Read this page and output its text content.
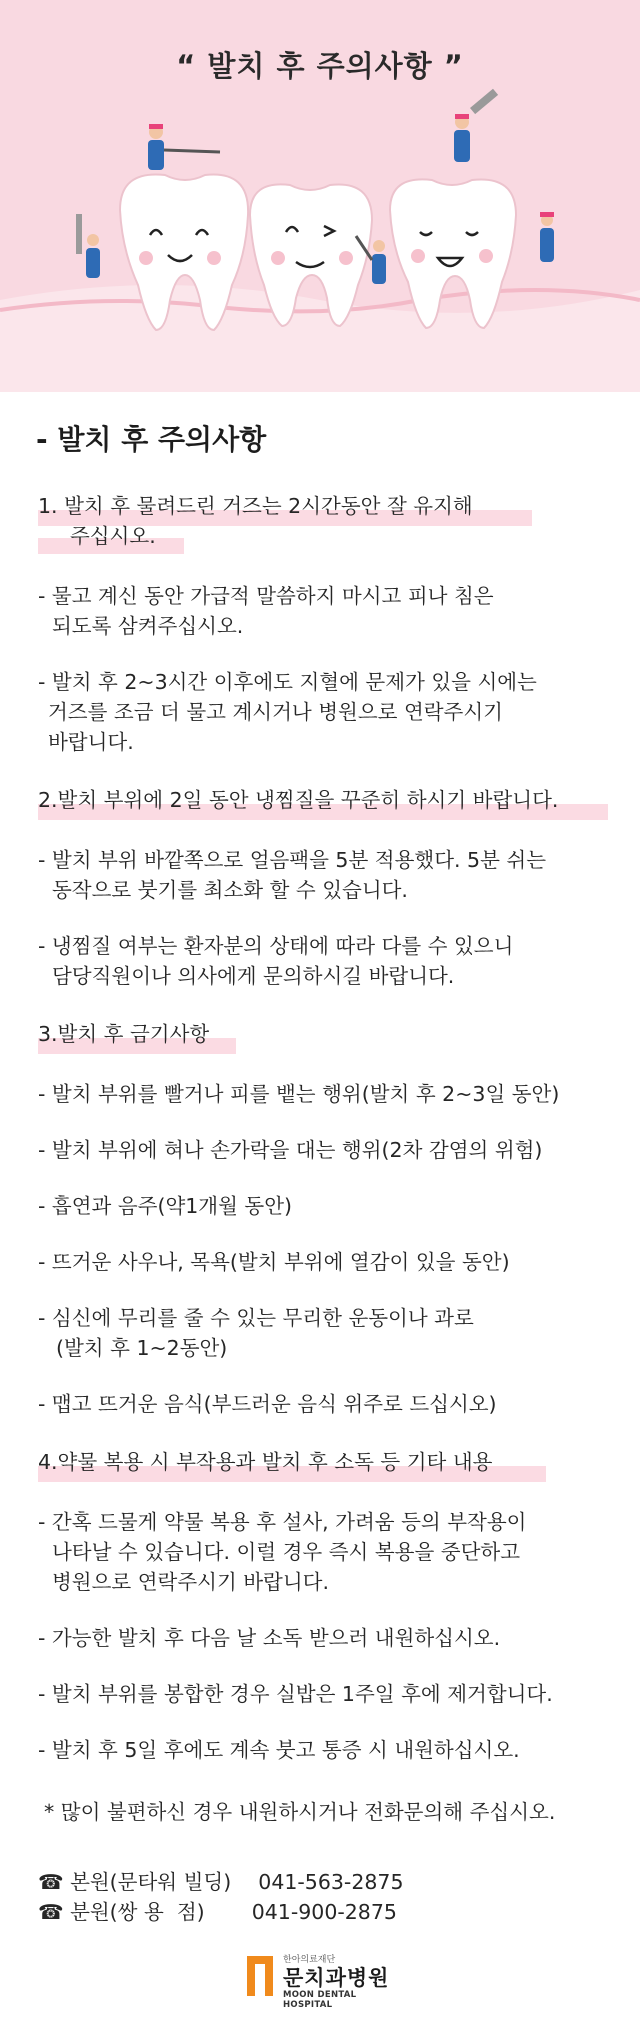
“ 발치 후 주의사항 ”
- 발치 후 주의사항
1. 발치 후 물려드린 거즈는 2시간동안 잘 유지해
주십시오.
- 물고 계신 동안 가급적 말씀하지 마시고 피나 침은
되도록 삼켜주십시오.
- 발치 후 2~3시간 이후에도 지혈에 문제가 있을 시에는
거즈를 조금 더 물고 계시거나 병원으로 연락주시기
바랍니다.
2.발치 부위에 2일 동안 냉찜질을 꾸준히 하시기 바랍니다.
- 발치 부위 바깥쪽으로 얼음팩을 5분 적용했다. 5분 쉬는
동작으로 붓기를 최소화 할 수 있습니다.
- 냉찜질 여부는 환자분의 상태에 따라 다를 수 있으니
담당직원이나 의사에게 문의하시길 바랍니다.
3.발치 후 금기사항
- 발치 부위를 빨거나 피를 뱉는 행위(발치 후 2~3일 동안)
- 발치 부위에 혀나 손가락을 대는 행위(2차 감염의 위험)
- 흡연과 음주(약1개월 동안)
- 뜨거운 사우나, 목욕(발치 부위에 열감이 있을 동안)
- 심신에 무리를 줄 수 있는 무리한 운동이나 과로
(발치 후 1~2동안)
- 맵고 뜨거운 음식(부드러운 음식 위주로 드십시오)
4.약물 복용 시 부작용과 발치 후 소독 등 기타 내용
- 간혹 드물게 약물 복용 후 설사, 가려움 등의 부작용이
나타날 수 있습니다. 이럴 경우 즉시 복용을 중단하고
병원으로 연락주시기 바랍니다.
- 가능한 발치 후 다음 날 소독 받으러 내원하십시오.
- 발치 부위를 봉합한 경우 실밥은 1주일 후에 제거합니다.
- 발치 후 5일 후에도 계속 붓고 통증 시 내원하십시오.
* 많이 불편하신 경우 내원하시거나 전화문의해 주십시오.
☎ 본원(문타워 빌딩) 041-563-2875
☎ 분원(쌍 용  점) 041-900-2875
한아의료재단
문치과병원
MOON DENTAL HOSPITAL
